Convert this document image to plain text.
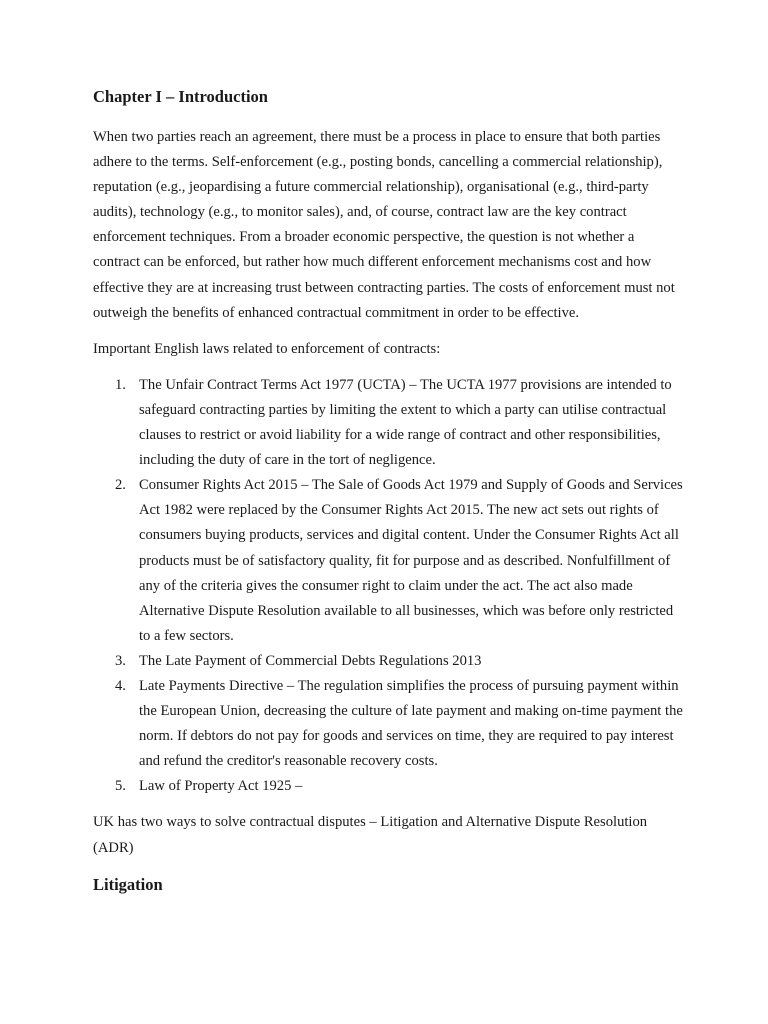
Chapter I – Introduction

When two parties reach an agreement, there must be a process in place to ensure that both parties adhere to the terms. Self-enforcement (e.g., posting bonds, cancelling a commercial relationship), reputation (e.g., jeopardising a future commercial relationship), organisational (e.g., third-party audits), technology (e.g., to monitor sales), and, of course, contract law are the key contract enforcement techniques. From a broader economic perspective, the question is not whether a contract can be enforced, but rather how much different enforcement mechanisms cost and how effective they are at increasing trust between contracting parties. The costs of enforcement must not outweigh the benefits of enhanced contractual commitment in order to be effective.

Important English laws related to enforcement of contracts:

1. The Unfair Contract Terms Act 1977 (UCTA) – The UCTA 1977 provisions are intended to safeguard contracting parties by limiting the extent to which a party can utilise contractual clauses to restrict or avoid liability for a wide range of contract and other responsibilities, including the duty of care in the tort of negligence.
2. Consumer Rights Act 2015 – The Sale of Goods Act 1979 and Supply of Goods and Services Act 1982 were replaced by the Consumer Rights Act 2015. The new act sets out rights of consumers buying products, services and digital content. Under the Consumer Rights Act all products must be of satisfactory quality, fit for purpose and as described. Nonfulfillment of any of the criteria gives the consumer right to claim under the act. The act also made Alternative Dispute Resolution available to all businesses, which was before only restricted to a few sectors.
3. The Late Payment of Commercial Debts Regulations 2013
4. Late Payments Directive – The regulation simplifies the process of pursuing payment within the European Union, decreasing the culture of late payment and making on-time payment the norm. If debtors do not pay for goods and services on time, they are required to pay interest and refund the creditor's reasonable recovery costs.
5. Law of Property Act 1925 –

UK has two ways to solve contractual disputes – Litigation and Alternative Dispute Resolution (ADR)

Litigation
